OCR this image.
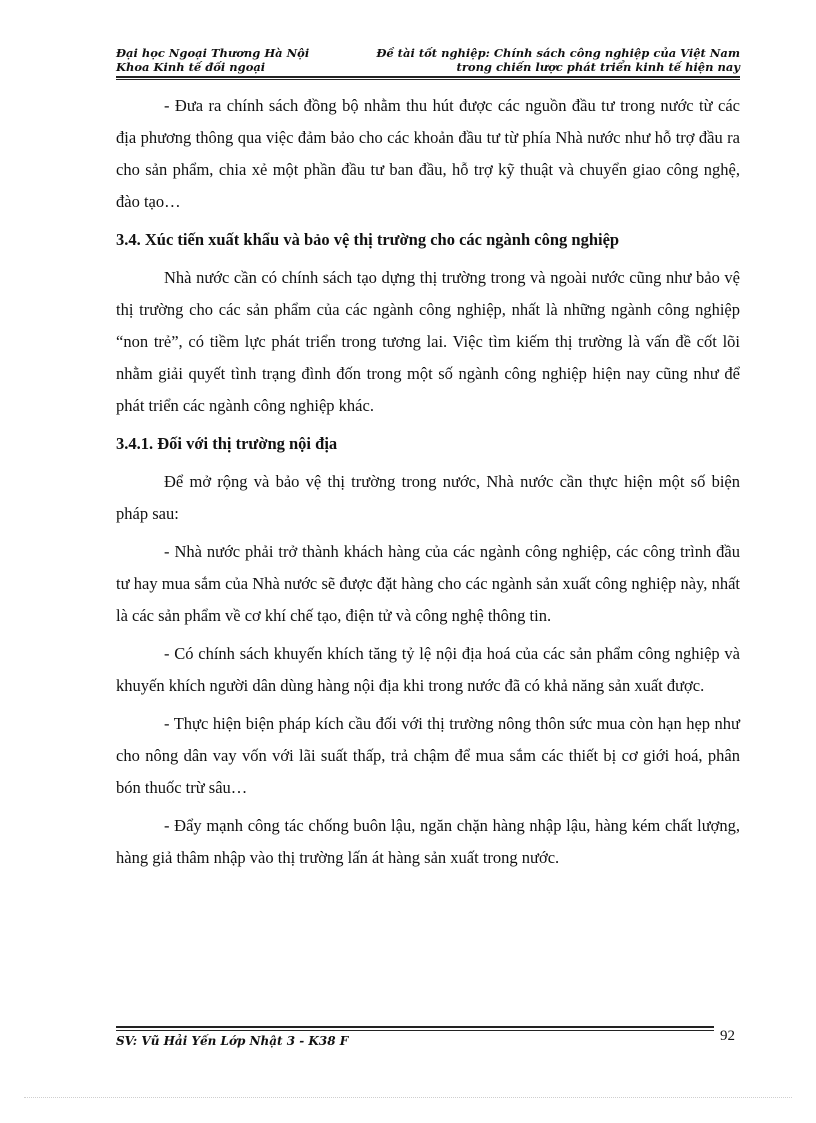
Đại học Ngoại Thương Hà Nội
Khoa Kinh tế đối ngoại
Đề tài tốt nghiệp: Chính sách công nghiệp của Việt Nam
trong chiến lược phát triển kinh tế hiện nay

- Đưa ra chính sách đồng bộ nhằm thu hút được các nguồn đầu tư trong nước từ các địa phương thông qua việc đảm bảo cho các khoản đầu tư từ phía Nhà nước như hỗ trợ đầu ra cho sản phẩm, chia xẻ một phần đầu tư ban đầu, hỗ trợ kỹ thuật và chuyển giao công nghệ, đào tạo…

3.4. Xúc tiến xuất khẩu và bảo vệ thị trường cho các ngành công nghiệp

Nhà nước cần có chính sách tạo dựng thị trường trong và ngoài nước cũng như bảo vệ thị trường cho các sản phẩm của các ngành công nghiệp, nhất là những ngành công nghiệp “non trẻ”, có tiềm lực phát triển trong tương lai. Việc tìm kiếm thị trường là vấn đề cốt lõi nhằm giải quyết tình trạng đình đốn trong một số ngành công nghiệp hiện nay cũng như để phát triển các ngành công nghiệp khác.

3.4.1. Đối với thị trường nội địa

Để mở rộng và bảo vệ thị trường trong nước, Nhà nước cần thực hiện một số biện pháp sau:

- Nhà nước phải trở thành khách hàng của các ngành công nghiệp, các công trình đầu tư hay mua sắm của Nhà nước sẽ được đặt hàng cho các ngành sản xuất công nghiệp này, nhất là các sản phẩm về cơ khí chế tạo, điện tử và công nghệ thông tin.

- Có chính sách khuyến khích tăng tỷ lệ nội địa hoá của các sản phẩm công nghiệp và khuyến khích người dân dùng hàng nội địa khi trong nước đã có khả năng sản xuất được.

- Thực hiện biện pháp kích cầu đối với thị trường nông thôn sức mua còn hạn hẹp như cho nông dân vay vốn với lãi suất thấp, trả chậm để mua sắm các thiết bị cơ giới hoá, phân bón thuốc trừ sâu…

- Đẩy mạnh công tác chống buôn lậu, ngăn chặn hàng nhập lậu, hàng kém chất lượng, hàng giả thâm nhập vào thị trường lấn át hàng sản xuất trong nước.

SV: Vũ Hải Yến Lớp Nhật 3 - K38 F	92
